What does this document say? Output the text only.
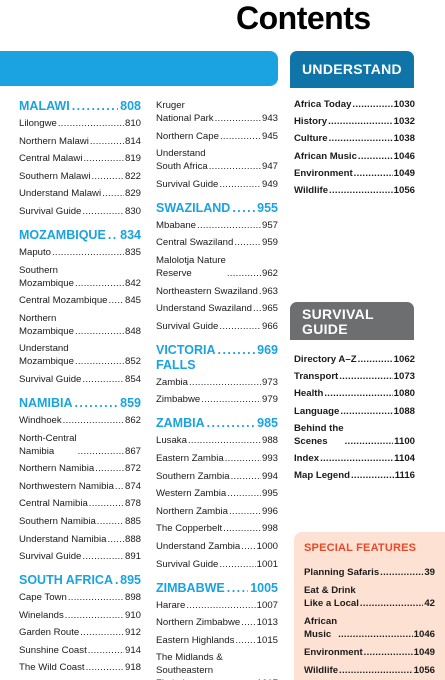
Contents
UNDERSTAND
SURVIVAL
GUIDE
SPECIAL FEATURES
MALAWI . . .	808
Lilongwe . . .	810
Northern Malawi . . .	814
Central Malawi . . .	819
Southern Malawi . . .	822
Understand Malawi . . . 829
Survival Guide . . .	830
MOZAMBIQUE . . . 834
Maputo . . .	835
Southern
Mozambique . . .	842
Central Mozambique . . . 845
Northern
Mozambique . . .	848
Understand
Mozambique . . .	852
Survival Guide . . .	854
NAMIBIA . . .	859
Windhoek . . .	862
North-Central
Namibia . . .	867
Northern Namibia . . .	872
Northwestern Namibia . . . 874
Central Namibia . . .	878
Southern Namibia . . .	885
Understand Namibia . . . 888
Survival Guide . . .	891
SOUTH AFRICA . . . 895
Cape Town . . .	898
Winelands . . .	910
Garden Route . . .	912
Sunshine Coast . . .	914
The Wild Coast . . .	918
. . .
Kruger
National Park . . .	943
Northern Cape . . .	945
Understand
South Africa . . .	947
Survival Guide . . .	949
SWAZILAND . . . 955
Mbabane . . .	957
Central Swaziland . . .	959
Malolotja Nature
Reserve . . .	962
Northeastern Swaziland . . . 963
Understand Swaziland . . . 965
Survival Guide . . .	966
VICTORIA
FALLS
. . .
969
Zambia . . .	973
Zimbabwe . . .	979
ZAMBIA . . .	985
Lusaka . . .	988
Eastern Zambia . . .	993
Southern Zambia . . .	994
Western Zambia . . .	995
Northern Zambia . . .	996
The Copperbelt . . .	998
Understand Zambia . . . 1000
Survival Guide . . .	1001
ZIMBABWE . . . 1005
Harare . . .	1007
Northern Zimbabwe . . . 1013
Eastern Highlands . . . 1015
The Midlands &
Southeastern

. . .
Africa Today . . .	1030
History . . .	1032
Culture . . .	1038
African Music . . .	1046
Environment . . .	1049
Wildlife . . .	1056
Directory A–Z . . .	1062
Transport . . .	1073
Health . . .	1080
Language . . .	1088
Behind the
Scenes . . .	1100
Index . . .	1104
Map Legend . . .	1116
Planning Safaris . . .	39
Eat & Drink
Like a Local . . .	42
African
Music . . .	1046
Environment . . .	1049
Wildlife . . .	1056
